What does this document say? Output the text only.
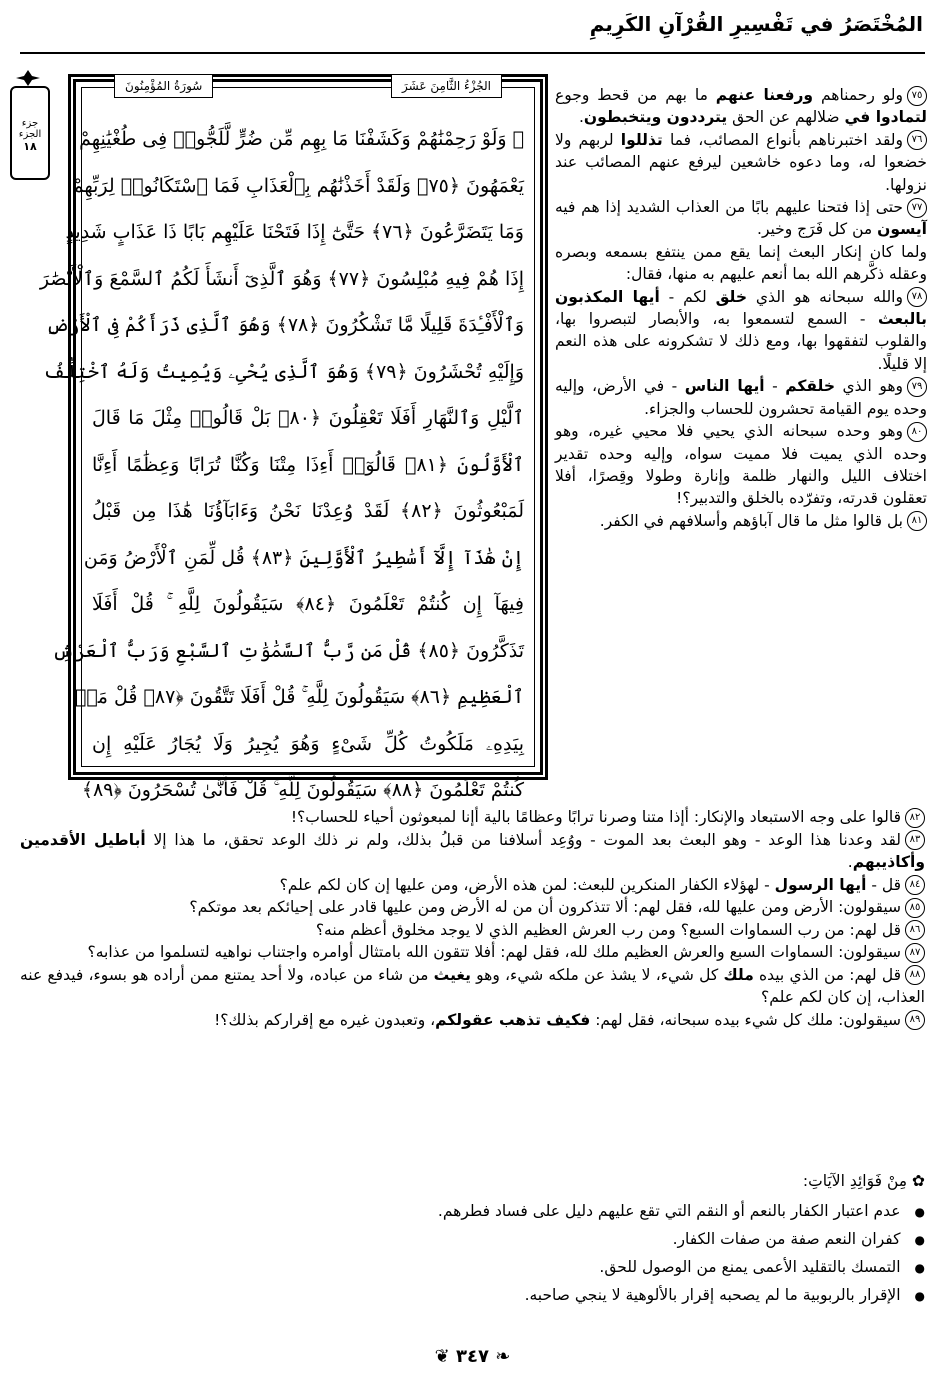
المُخْتَصَرُ في تَفْسِيرِ القُرْآنِ الكَرِيمِ
جزء
الجزء
١٨
الجُزْءُ الثَّامِنَ عَشَرَ
سُورَةُ المُؤْمِنُونَ
۞ وَلَوْ رَحِمْنَٰهُمْ وَكَشَفْنَا مَا بِهِم مِّن ضُرٍّ لَّلَجُّوا۟ فِى طُغْيَٰنِهِمْ
يَعْمَهُونَ ﴿٧٥﴾ وَلَقَدْ أَخَذْنَٰهُم بِٱلْعَذَابِ فَمَا ٱسْتَكَانُوا۟ لِرَبِّهِمْ
وَمَا يَتَضَرَّعُونَ ﴿٧٦﴾ حَتَّىٰٓ إِذَا فَتَحْنَا عَلَيْهِم بَابًا ذَا عَذَابٍ شَدِيدٍ
إِذَا هُمْ فِيهِ مُبْلِسُونَ ﴿٧٧﴾ وَهُوَ ٱلَّذِىٓ أَنشَأَ لَكُمُ ٱلسَّمْعَ وَٱلْأَبْصَٰرَ
وَٱلْأَفْـِٔدَةَ قَلِيلًا مَّا تَشْكُرُونَ ﴿٧٨﴾ وَهُوَ ٱلَّذِى ذَرَأَكُمْ فِى ٱلْأَرْضِ
وَإِلَيْهِ تُحْشَرُونَ ﴿٧٩﴾ وَهُوَ ٱلَّذِى يُحْىِۦ وَيُمِيتُ وَلَهُ ٱخْتِلَٰفُ
ٱلَّيْلِ وَٱلنَّهَارِ أَفَلَا تَعْقِلُونَ ﴿٨٠﴾ بَلْ قَالُوا۟ مِثْلَ مَا قَالَ
ٱلْأَوَّلُونَ ﴿٨١﴾ قَالُوٓا۟ أَءِذَا مِتْنَا وَكُنَّا تُرَابًا وَعِظَٰمًا أَءِنَّا
لَمَبْعُوثُونَ ﴿٨٢﴾ لَقَدْ وُعِدْنَا نَحْنُ وَءَابَآؤُنَا هَٰذَا مِن قَبْلُ
إِنْ هَٰذَآ إِلَّآ أَسَٰطِيرُ ٱلْأَوَّلِينَ ﴿٨٣﴾ قُل لِّمَنِ ٱلْأَرْضُ وَمَن
فِيهَآ إِن كُنتُمْ تَعْلَمُونَ ﴿٨٤﴾ سَيَقُولُونَ لِلَّهِ ۚ قُلْ أَفَلَا
تَذَكَّرُونَ ﴿٨٥﴾ قُلْ مَن رَّبُّ ٱلسَّمَٰوَٰتِ ٱلسَّبْعِ وَرَبُّ ٱلْعَرْشِ
ٱلْعَظِيمِ ﴿٨٦﴾ سَيَقُولُونَ لِلَّهِ ۚ قُلْ أَفَلَا تَتَّقُونَ ﴿٨٧﴾ قُلْ مَنۢ
بِيَدِهِۦ مَلَكُوتُ كُلِّ شَىْءٍ وَهُوَ يُجِيرُ وَلَا يُجَارُ عَلَيْهِ إِن
كُنتُمْ تَعْلَمُونَ ﴿٨٨﴾ سَيَقُولُونَ لِلَّهِ ۚ قُلْ فَأَنَّىٰ تُسْحَرُونَ ﴿٨٩﴾

٧٥ولو رحمناهم ورفعنا عنهم ما بهم من قحط وجوع لتمادوا في ضلالهم عن الحق يترددون ويتخبطون.

٧٦ولقد اختبرناهم بأنواع المصائب، فما تذللوا لربهم ولا خضعوا له، وما دعوه خاشعين ليرفع عنهم المصائب عند نزولها.

٧٧حتى إذا فتحنا عليهم بابًا من العذاب الشديد إذا هم فيه آيسون من كل فَرَج وخير.

ولما كان إنكار البعث إنما يقع ممن ينتفع بسمعه وبصره وعقله ذكَّرهم الله بما أنعم عليهم به منها، فقال:

٧٨والله سبحانه هو الذي خلق لكم - أيها المكذبون بالبعث - السمع لتسمعوا به، والأبصار لتبصروا بها، والقلوب لتفقهوا بها، ومع ذلك لا تشكرونه على هذه النعم إلا قليلًا.

٧٩وهو الذي خلقكم - أيها الناس - في الأرض، وإليه وحده يوم القيامة تحشرون للحساب والجزاء.

٨٠وهو وحده سبحانه الذي يحيي فلا محيي غيره، وهو وحده الذي يميت فلا مميت سواه، وإليه وحده تقدير اختلاف الليل والنهار ظلمة وإنارة وطولا وقِصرًا، أفلا تعقلون قدرته، وتفرّده بالخلق والتدبير؟!

٨١بل قالوا مثل ما قال آباؤهم وأسلافهم في الكفر.

٨٢قالوا على وجه الاستبعاد والإنكار: أإذا متنا وصرنا ترابًا وعظامًا بالية أإنا لمبعوثون أحياء للحساب؟!

٨٣لقد وعدنا هذا الوعد - وهو البعث بعد الموت - ووُعِد أسلافنا من قبلُ بذلك، ولم نر ذلك الوعد تحقق، ما هذا إلا أباطيل الأقدمين وأكاذيبهم.

٨٤قل - أيها الرسول - لهؤلاء الكفار المنكرين للبعث: لمن هذه الأرض، ومن عليها إن كان لكم علم؟

٨٥سيقولون: الأرض ومن عليها لله، فقل لهم: ألا تتذكرون أن من له الأرض ومن عليها قادر على إحيائكم بعد موتكم؟

٨٦قل لهم: من رب السماوات السبع؟ ومن رب العرش العظيم الذي لا يوجد مخلوق أعظم منه؟

٨٧سيقولون: السماوات السبع والعرش العظيم ملك لله، فقل لهم: أفلا تتقون الله بامتثال أوامره واجتناب نواهيه لتسلموا من عذابه؟

٨٨قل لهم: من الذي بيده ملك كل شيء، لا يشذ عن ملكه شيء، وهو يغيث من شاء من عباده، ولا أحد يمتنع ممن أراده هو بسوء، فيدفع عنه العذاب، إن كان لكم علم؟

٨٩سيقولون: ملك كل شيء بيده سبحانه، فقل لهم: فكيف تذهب عقولكم، وتعبدون غيره مع إقراركم بذلك؟!

✿ مِنْ فَوَائِدِ الآيَاتِ:
● عدم اعتبار الكفار بالنعم أو النقم التي تقع عليهم دليل على فساد فطرهم.
● كفران النعم صفة من صفات الكفار.
● التمسك بالتقليد الأعمى يمنع من الوصول للحق.
● الإقرار بالربوبية ما لم يصحبه إقرار بالألوهية لا ينجي صاحبه.
❦ ٣٤٧ ❧
